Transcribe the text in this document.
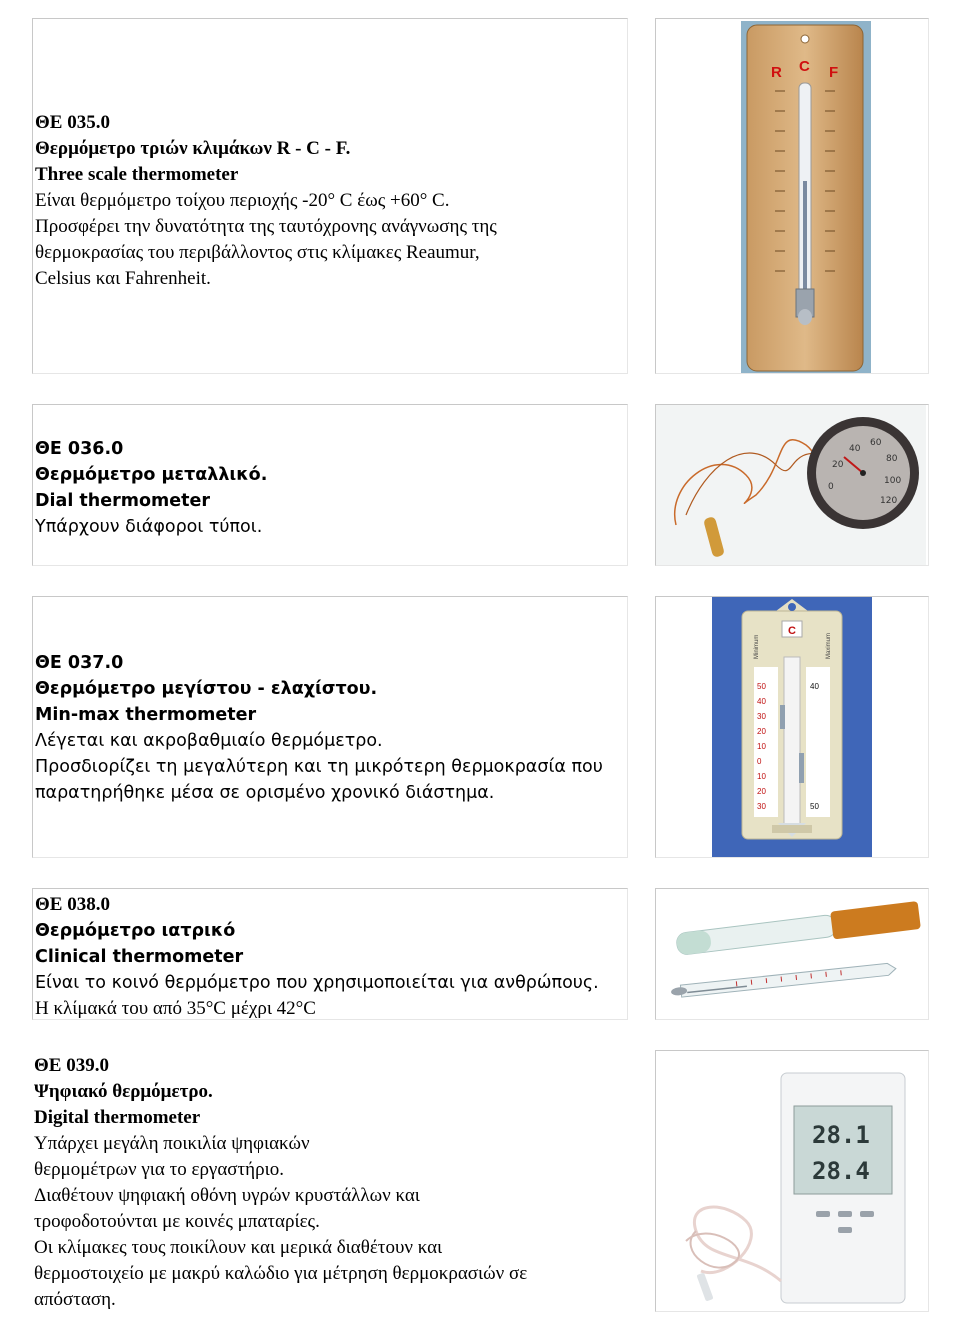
ΘΕ 035.0
Θερμόμετρο τριών κλιμάκων R - C - F.
Three scale thermometer
Είναι θερμόμετρο τοίχου περιοχής -20° C έως +60° C.
Προσφέρει την δυνατότητα της ταυτόχρονης ανάγνωσης της
θερμοκρασίας του περιβάλλοντος στις κλίμακες Reaumur,
Celsius και Fahrenheit.
R C F
ΘΕ 036.0
Θερμόμετρο μεταλλικό.
Dial thermometer
Υπάρχουν διάφοροι τύποι.
40
60
80
100
120
20
0
ΘΕ 037.0
Θερμόμετρο μεγίστου - ελαχίστου.
Min-max thermometer
Λέγεται και ακροβαθμιαίο θερμόμετρο.
Προσδιορίζει τη μεγαλύτερη και τη μικρότερη θερμοκρασία που
παρατηρήθηκε μέσα σε ορισμένο χρονικό διάστημα.
C
Minimum	Maximum
50
40
30
20
10
0
10
20
30
40
50
ΘΕ 038.0
Θερμόμετρο ιατρικό
Clinical thermometer
Είναι το κοινό θερμόμετρο που χρησιμοποιείται για ανθρώπους.
Η κλίμακά του από 35°C μέχρι 42°C
ΘΕ 039.0
Ψηφιακό θερμόμετρο.
Digital thermometer
Υπάρχει μεγάλη ποικιλία ψηφιακών
θερμομέτρων για το εργαστήριο.
Διαθέτουν ψηφιακή οθόνη υγρών κρυστάλλων και
τροφοδοτούνται με κοινές μπαταρίες.
Οι κλίμακες τους ποικίλουν και μερικά διαθέτουν και
θερμοστοιχείο με μακρύ καλώδιο για μέτρηση θερμοκρασιών σε
απόσταση.
28.1
28.4
